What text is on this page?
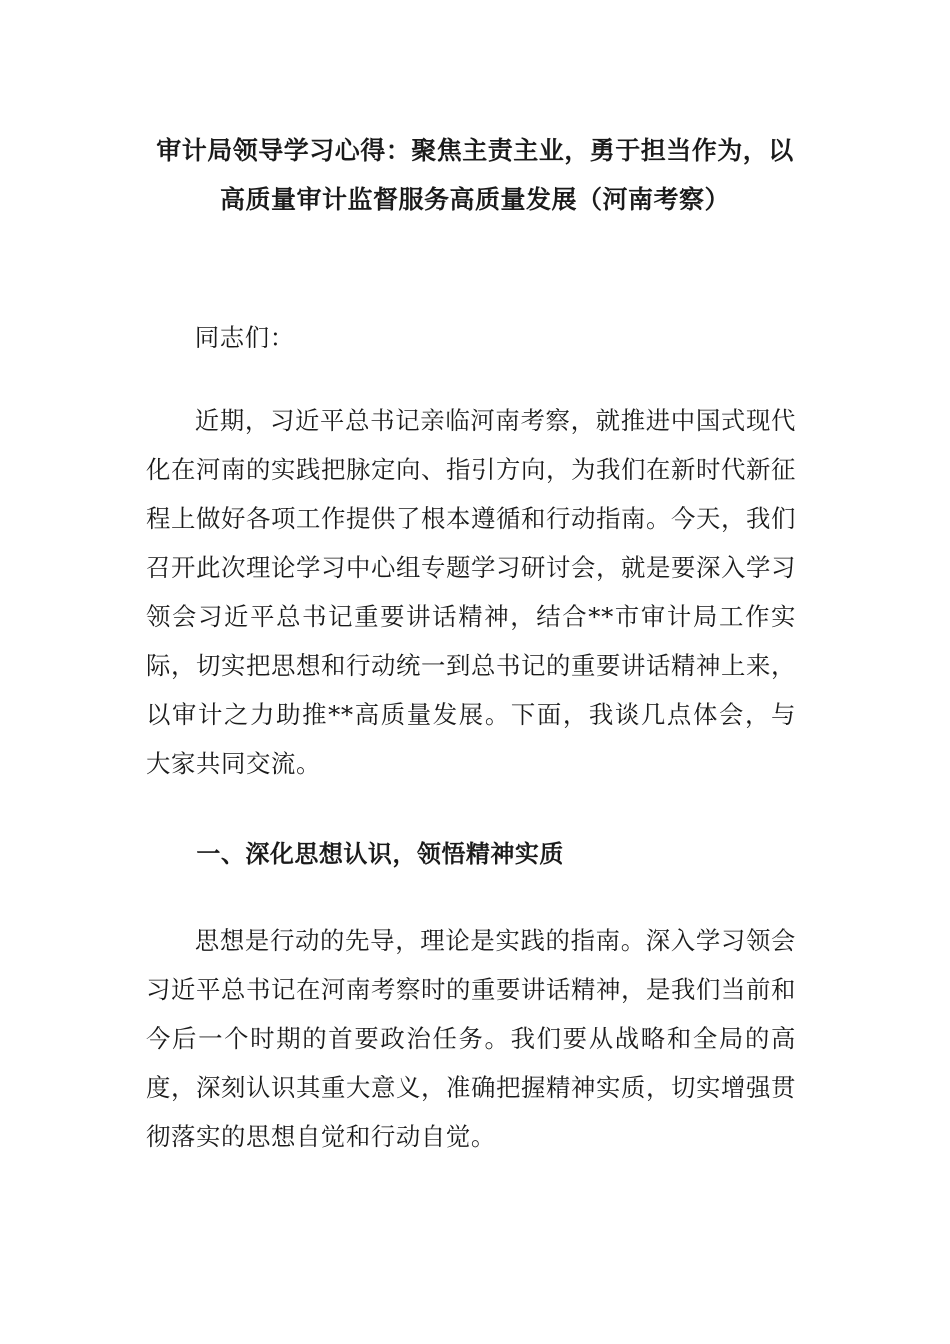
审计局领导学习心得：聚焦主责主业，勇于担当作为，以
高质量审计监督服务高质量发展（河南考察）

同志们：

近期，习近平总书记亲临河南考察，就推进中国式现代化在河南的实践把脉定向、指引方向，为我们在新时代新征程上做好各项工作提供了根本遵循和行动指南。今天，我们召开此次理论学习中心组专题学习研讨会，就是要深入学习领会习近平总书记重要讲话精神，结合**市审计局工作实际，切实把思想和行动统一到总书记的重要讲话精神上来，以审计之力助推**高质量发展。下面，我谈几点体会，与大家共同交流。

一、深化思想认识，领悟精神实质

思想是行动的先导，理论是实践的指南。深入学习领会习近平总书记在河南考察时的重要讲话精神，是我们当前和今后一个时期的首要政治任务。我们要从战略和全局的高度，深刻认识其重大意义，准确把握精神实质，切实增强贯彻落实的思想自觉和行动自觉。
